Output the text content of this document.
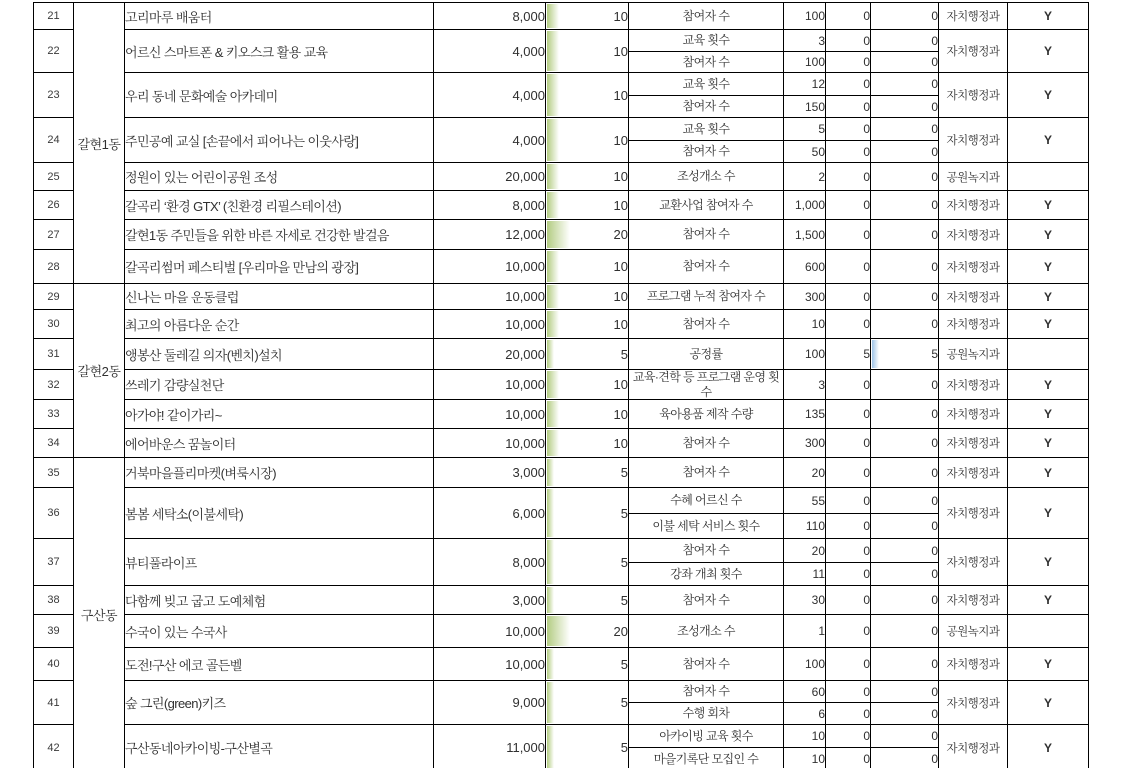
21	갈현1동	고리마루 배움터	8,000	10	참여자 수	100	0	0	자치행정과	Y
22		어르신 스마트폰 & 키오스크 활용 교육	4,000	10	교육 횟수	3	0	0	자치행정과	Y
					참여자 수	100	0	0		
23		우리 동네 문화예술 아카데미	4,000	10	교육 횟수	12	0	0	자치행정과	Y
					참여자 수	150	0	0		
24		주민공예 교실 [손끝에서 피어나는 이웃사랑]	4,000	10	교육 횟수	5	0	0	자치행정과	Y
					참여자 수	50	0	0		
25		정원이 있는 어린이공원 조성	20,000	10	조성개소 수	2	0	0	공원녹지과	
26		갈곡리 ‘환경 GTX’ (친환경 리필스테이션)	8,000	10	교환사업 참여자 수	1,000	0	0	자치행정과	Y
27		갈현1동 주민들을 위한 바른 자세로 건강한 발걸음	12,000	20	참여자 수	1,500	0	0	자치행정과	Y
28		갈곡리썸머 페스티벌 [우리마을 만남의 광장]	10,000	10	참여자 수	600	0	0	자치행정과	Y
29	갈현2동	신나는 마을 운동클럽	10,000	10	프로그램 누적 참여자 수	300	0	0	자치행정과	Y
30		최고의 아름다운 순간	10,000	10	참여자 수	10	0	0	자치행정과	Y
31		앵봉산 둘레길 의자(벤치)설치	20,000	5	공정률	100	5	5	공원녹지과	
32		쓰레기 감량실천단	10,000	10	교육·견학 등 프로그램 운영 횟수	3	0	0	자치행정과	Y
33		아가야! 같이가리~	10,000	10	육아용품 제작 수량	135	0	0	자치행정과	Y
34		에어바운스 꿈놀이터	10,000	10	참여자 수	300	0	0	자치행정과	Y
35	구산동	거북마을플리마켓(벼룩시장)	3,000	5	참여자 수	20	0	0	자치행정과	Y
36		봄봄 세탁소(이불세탁)	6,000	5	수혜 어르신 수	55	0	0	자치행정과	Y
					이불 세탁 서비스 횟수	110	0	0		
37		뷰티풀라이프	8,000	5	참여자 수	20	0	0	자치행정과	Y
					강좌 개최 횟수	11	0	0		
38		다함께 빚고 굽고 도예체험	3,000	5	참여자 수	30	0	0	자치행정과	Y
39		수국이 있는 수국사	10,000	20	조성개소 수	1	0	0	공원녹지과	
40		도전!구산 에코 골든벨	10,000	5	참여자 수	100	0	0	자치행정과	Y
41		숲 그린(green)키즈	9,000	5	참여자 수	60	0	0	자치행정과	Y
					수행 회차	6	0	0		
42		구산동네아카이빙-구산별곡	11,000	5	아카이빙 교육 횟수	10	0	0	자치행정과	Y
					마을기록단 모집인 수	10	0	0		
